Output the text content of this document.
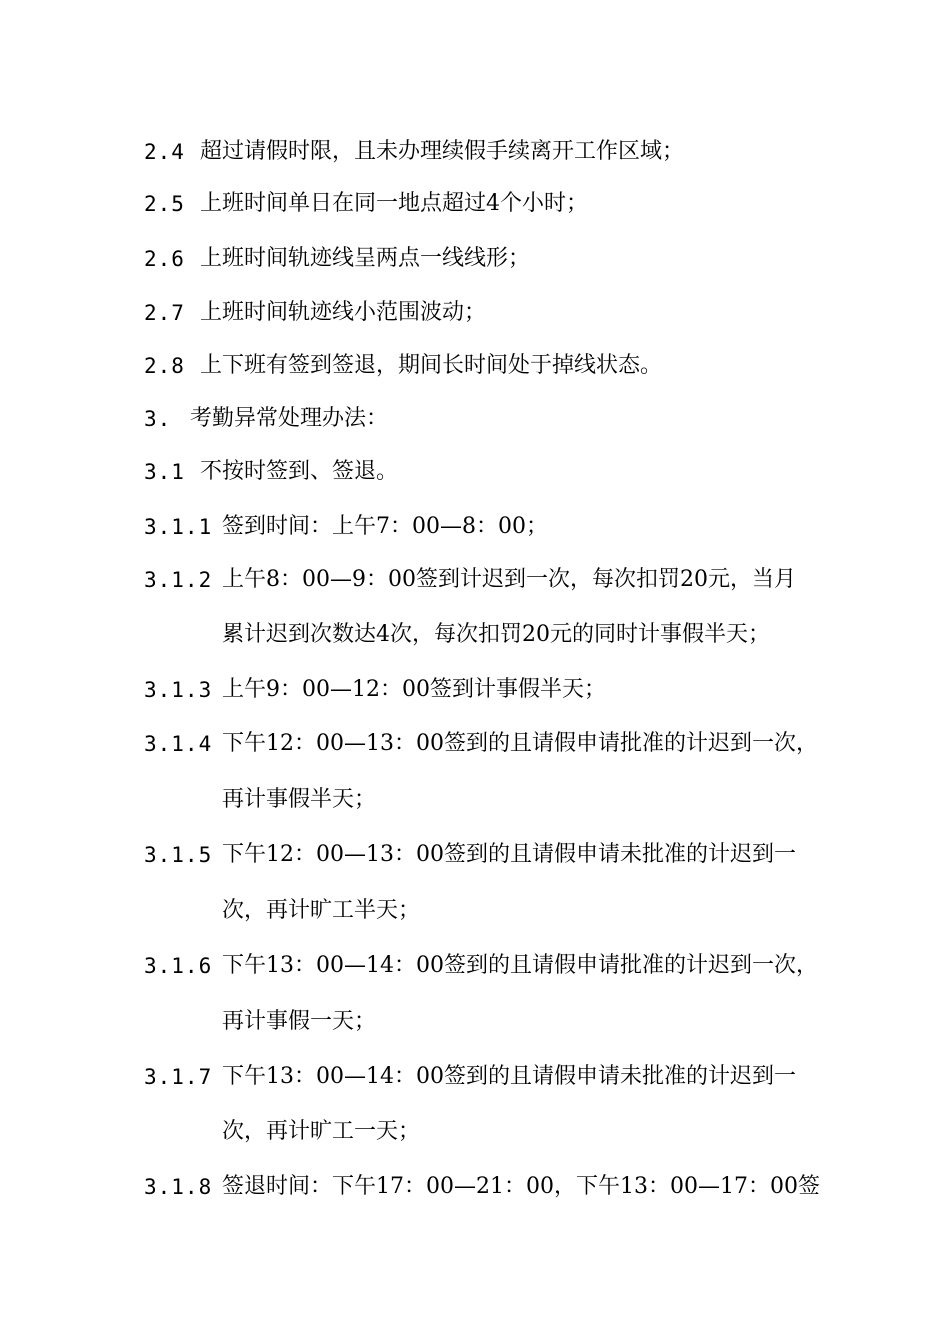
2.4 超过请假时限，且未办理续假手续离开工作区域；
2.5 上班时间单日在同一地点超过4个小时；
2.6 上班时间轨迹线呈两点一线线形；
2.7 上班时间轨迹线小范围波动；
2.8 上下班有签到签退，期间长时间处于掉线状态。
3. 考勤异常处理办法：
3.1 不按时签到、签退。
3.1.1 签到时间：上午7：00—8：00；
3.1.2 上午8：00—9：00签到计迟到一次，每次扣罚20元，当月
累计迟到次数达4次，每次扣罚20元的同时计事假半天；
3.1.3 上午9：00—12：00签到计事假半天；
3.1.4 下午12：00—13：00签到的且请假申请批准的计迟到一次，
再计事假半天；
3.1.5 下午12：00—13：00签到的且请假申请未批准的计迟到一
次，再计旷工半天；
3.1.6 下午13：00—14：00签到的且请假申请批准的计迟到一次，
再计事假一天；
3.1.7 下午13：00—14：00签到的且请假申请未批准的计迟到一
次，再计旷工一天；
3.1.8 签退时间：下午17：00—21：00，下午13：00—17：00签
